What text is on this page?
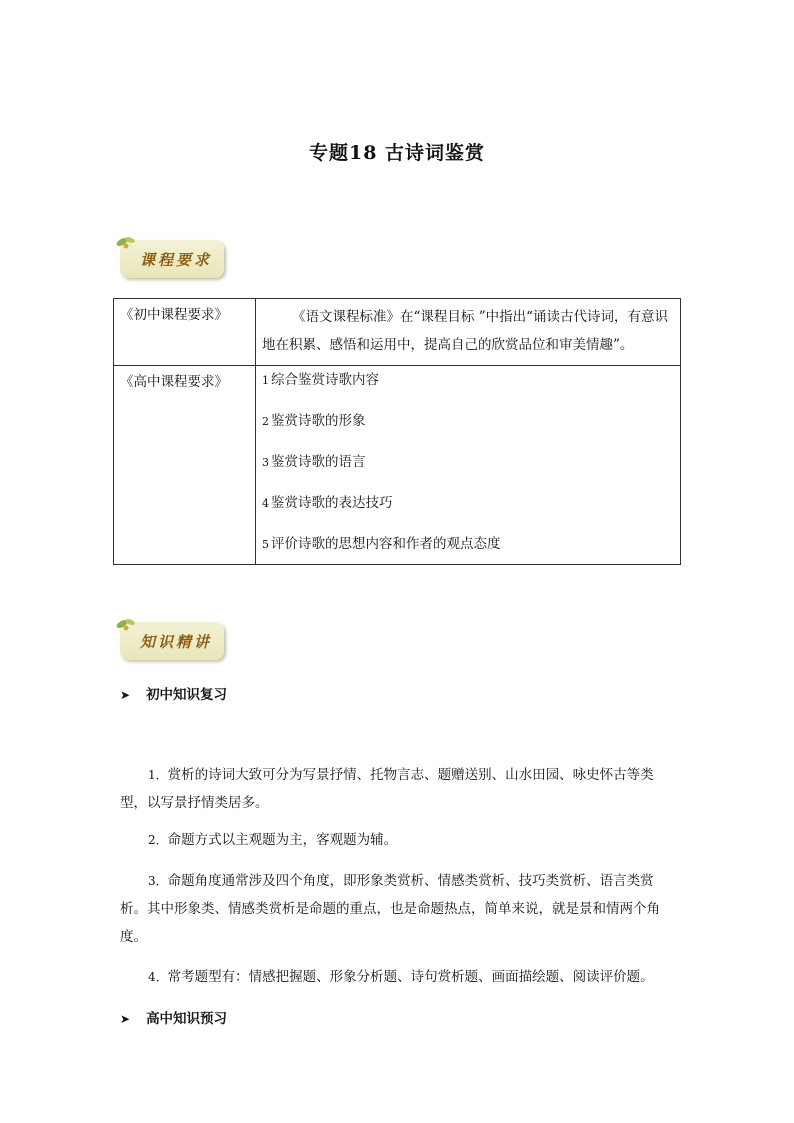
专题18 古诗词鉴赏
课程要求
《初中课程要求》	《语文课程标准》在“课程目标 ”中指出“诵读古代诗词，有意识地在积累、感悟和运用中，提高自己的欣赏品位和审美情趣”。
《高中课程要求》	1 综合鉴赏诗歌内容

2 鉴赏诗歌的形象

3 鉴赏诗歌的语言

4 鉴赏诗歌的表达技巧

5 评价诗歌的思想内容和作者的观点态度

知识精讲
➤ 初中知识复习
1．赏析的诗词大致可分为写景抒情、托物言志、题赠送别、山水田园、咏史怀古等类型，以写景抒情类居多。
2．命题方式以主观题为主，客观题为辅。
3．命题角度通常涉及四个角度，即形象类赏析、情感类赏析、技巧类赏析、语言类赏析。其中形象类、情感类赏析是命题的重点，也是命题热点，简单来说，就是景和情两个角度。
4．常考题型有：情感把握题、形象分析题、诗句赏析题、画面描绘题、阅读评价题。
➤ 高中知识预习
